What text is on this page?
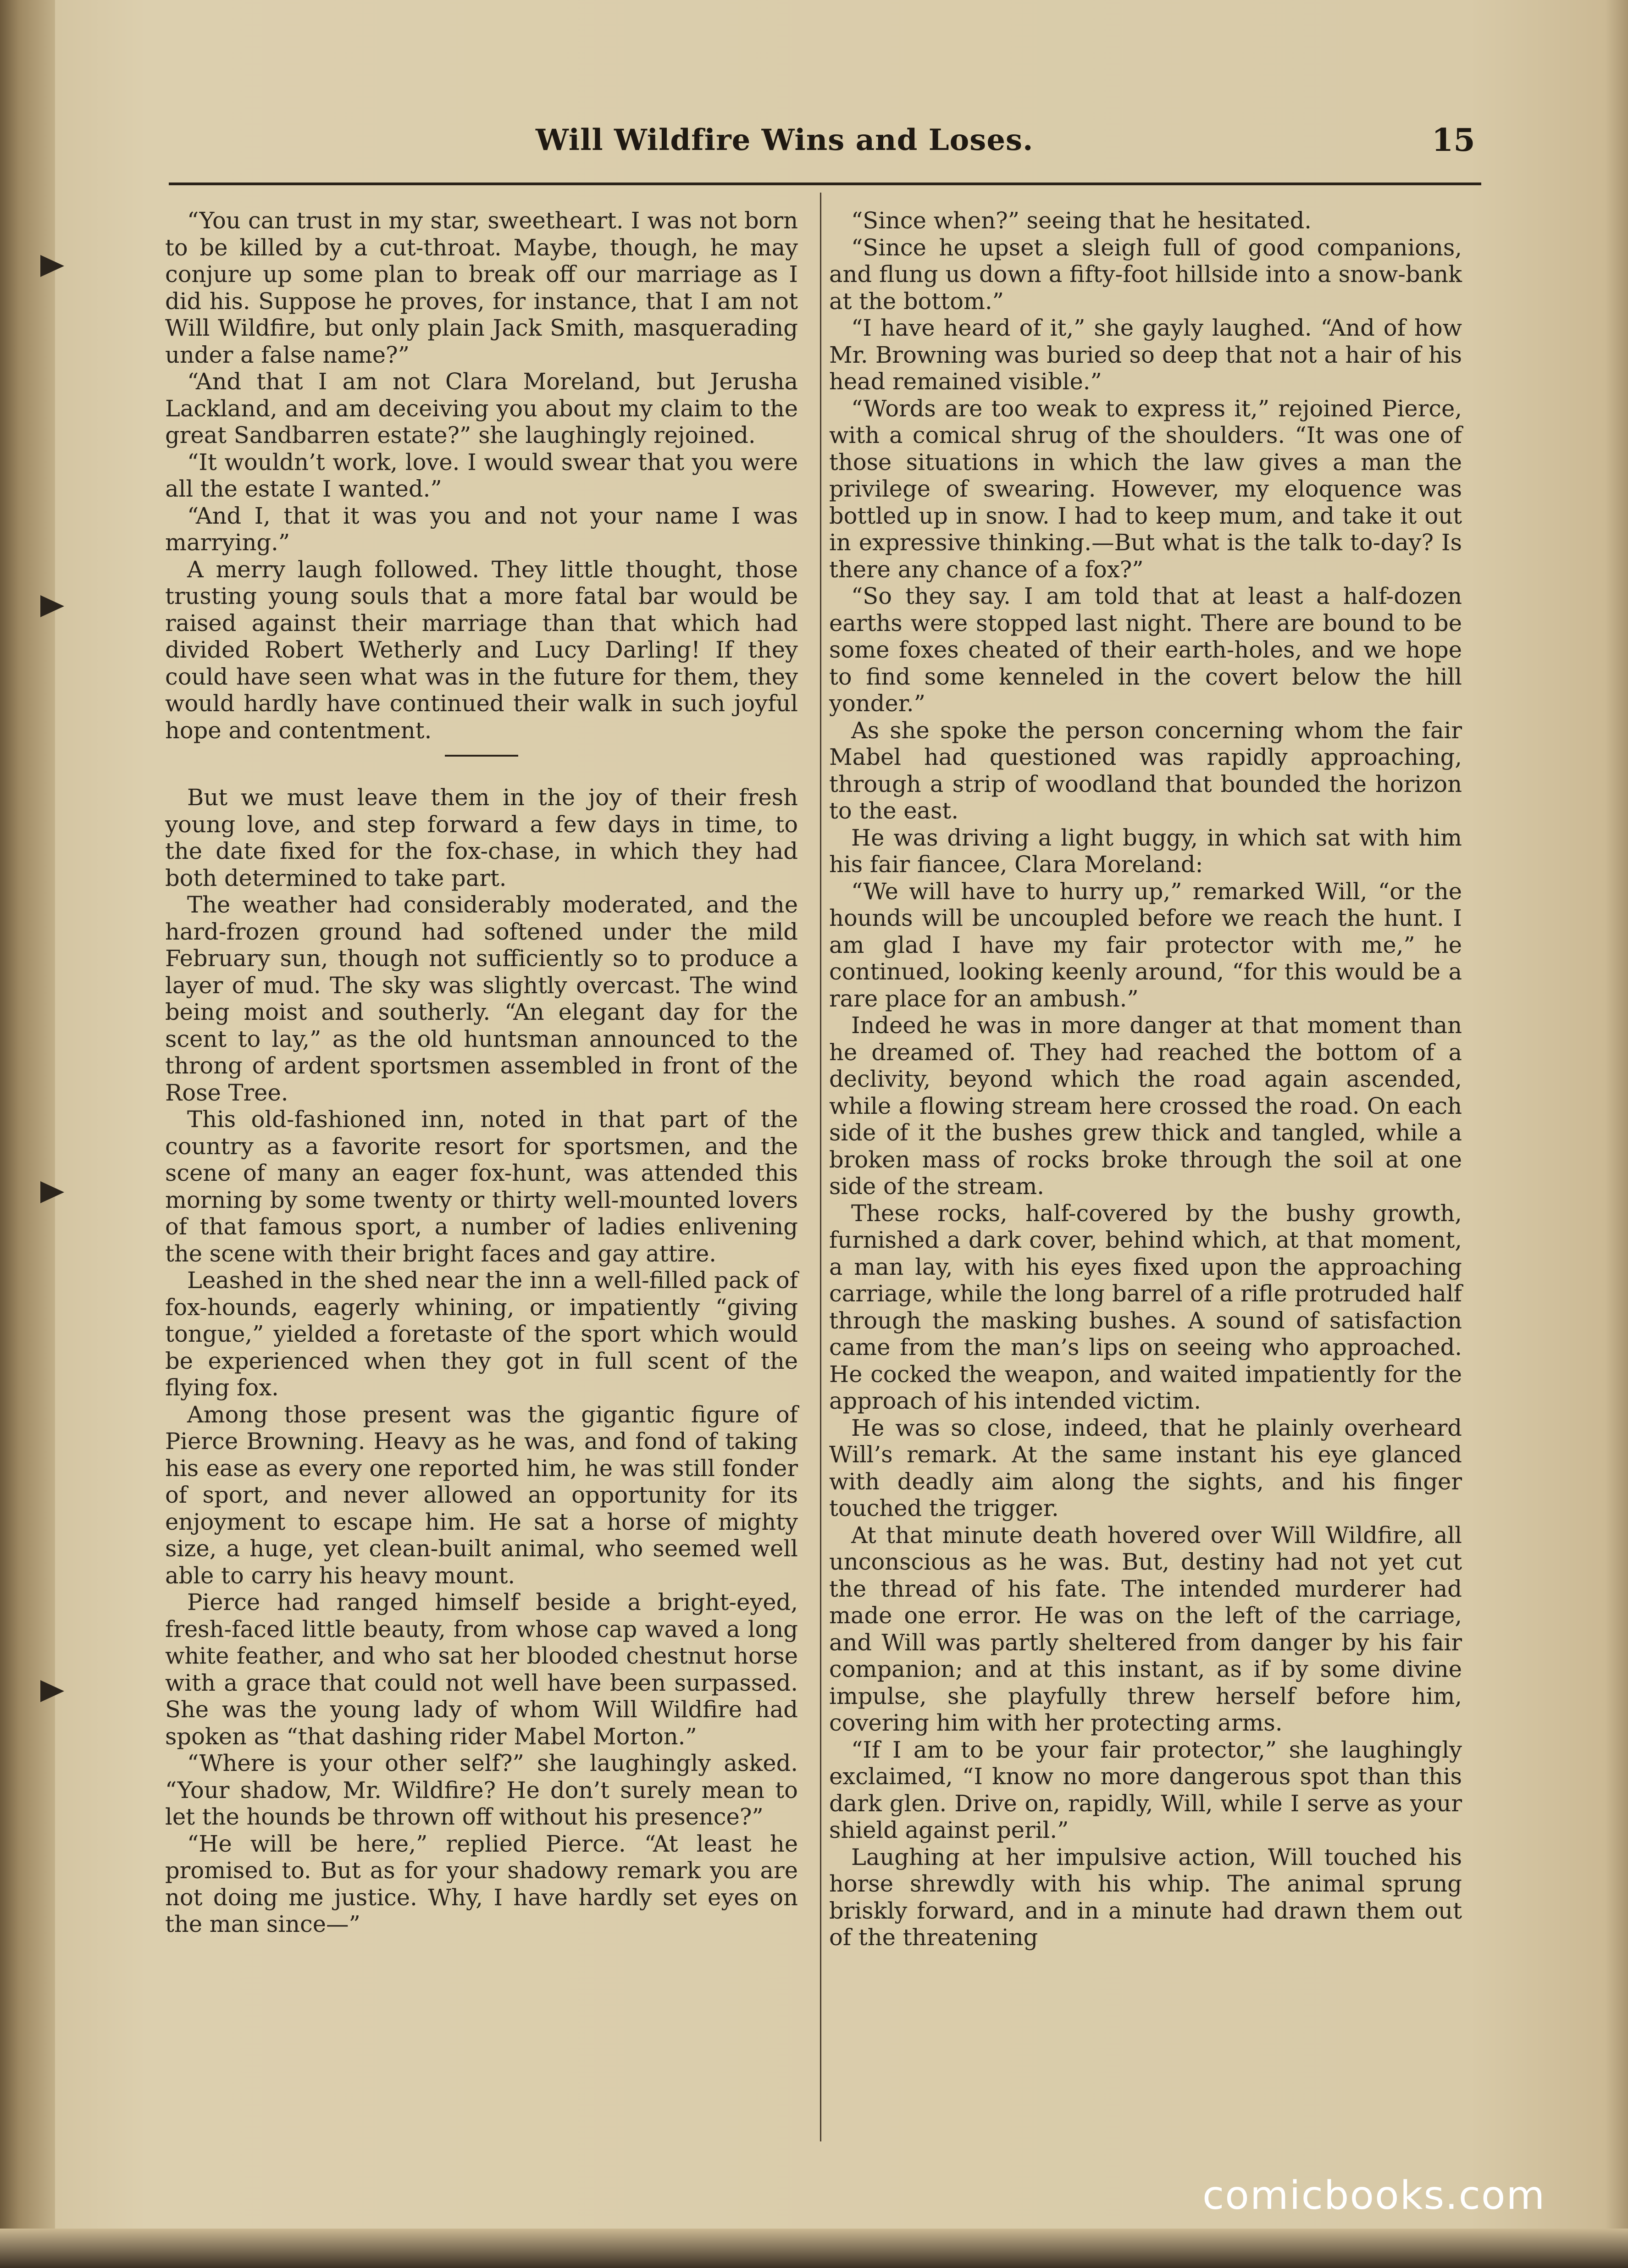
Will Wildfire Wins and Loses.	15

“You can trust in my star, sweetheart. I was not born to be killed by a cut-throat. Maybe, though, he may conjure up some plan to break off our marriage as I did his. Suppose he proves, for instance, that I am not Will Wildfire, but only plain Jack Smith, masquerading under a false name?”

“And that I am not Clara Moreland, but Jerusha Lackland, and am deceiving you about my claim to the great Sandbarren estate?” she laughingly rejoined.

“It wouldn’t work, love. I would swear that you were all the estate I wanted.”

“And I, that it was you and not your name I was marrying.”

A merry laugh followed. They little thought, those trusting young souls that a more fatal bar would be raised against their marriage than that which had divided Robert Wetherly and Lucy Darling! If they could have seen what was in the future for them, they would hardly have continued their walk in such joyful hope and contentment.

But we must leave them in the joy of their fresh young love, and step forward a few days in time, to the date fixed for the fox-chase, in which they had both determined to take part.

The weather had considerably moderated, and the hard-frozen ground had softened under the mild February sun, though not sufficiently so to produce a layer of mud. The sky was slightly overcast. The wind being moist and southerly. “An elegant day for the scent to lay,” as the old huntsman announced to the throng of ardent sportsmen assembled in front of the Rose Tree.

This old-fashioned inn, noted in that part of the country as a favorite resort for sportsmen, and the scene of many an eager fox-hunt, was attended this morning by some twenty or thirty well-mounted lovers of that famous sport, a number of ladies enlivening the scene with their bright faces and gay attire.

Leashed in the shed near the inn a well-filled pack of fox-hounds, eagerly whining, or impatiently “giving tongue,” yielded a foretaste of the sport which would be experienced when they got in full scent of the flying fox.

Among those present was the gigantic figure of Pierce Browning. Heavy as he was, and fond of taking his ease as every one reported him, he was still fonder of sport, and never allowed an opportunity for its enjoyment to escape him. He sat a horse of mighty size, a huge, yet clean-built animal, who seemed well able to carry his heavy mount.

Pierce had ranged himself beside a bright-eyed, fresh-faced little beauty, from whose cap waved a long white feather, and who sat her blooded chestnut horse with a grace that could not well have been surpassed. She was the young lady of whom Will Wildfire had spoken as “that dashing rider Mabel Morton.”

“Where is your other self?” she laughingly asked. “Your shadow, Mr. Wildfire? He don’t surely mean to let the hounds be thrown off without his presence?”

“He will be here,” replied Pierce. “At least he promised to. But as for your shadowy remark you are not doing me justice. Why, I have hardly set eyes on the man since—”

“Since when?” seeing that he hesitated.

“Since he upset a sleigh full of good companions, and flung us down a fifty-foot hillside into a snow-bank at the bottom.”

“I have heard of it,” she gayly laughed. “And of how Mr. Browning was buried so deep that not a hair of his head remained visible.”

“Words are too weak to express it,” rejoined Pierce, with a comical shrug of the shoulders. “It was one of those situations in which the law gives a man the privilege of swearing. However, my eloquence was bottled up in snow. I had to keep mum, and take it out in expressive thinking.—But what is the talk to-day? Is there any chance of a fox?”

“So they say. I am told that at least a half-dozen earths were stopped last night. There are bound to be some foxes cheated of their earth-holes, and we hope to find some kenneled in the covert below the hill yonder.”

As she spoke the person concerning whom the fair Mabel had questioned was rapidly approaching, through a strip of woodland that bounded the horizon to the east.

He was driving a light buggy, in which sat with him his fair fiancee, Clara Moreland:

“We will have to hurry up,” remarked Will, “or the hounds will be uncoupled before we reach the hunt. I am glad I have my fair protector with me,” he continued, looking keenly around, “for this would be a rare place for an ambush.”

Indeed he was in more danger at that moment than he dreamed of. They had reached the bottom of a declivity, beyond which the road again ascended, while a flowing stream here crossed the road. On each side of it the bushes grew thick and tangled, while a broken mass of rocks broke through the soil at one side of the stream.

These rocks, half-covered by the bushy growth, furnished a dark cover, behind which, at that moment, a man lay, with his eyes fixed upon the approaching carriage, while the long barrel of a rifle protruded half through the masking bushes. A sound of satisfaction came from the man’s lips on seeing who approached. He cocked the weapon, and waited impatiently for the approach of his intended victim.

He was so close, indeed, that he plainly overheard Will’s remark. At the same instant his eye glanced with deadly aim along the sights, and his finger touched the trigger.

At that minute death hovered over Will Wildfire, all unconscious as he was. But, destiny had not yet cut the thread of his fate. The intended murderer had made one error. He was on the left of the carriage, and Will was partly sheltered from danger by his fair companion; and at this instant, as if by some divine impulse, she playfully threw herself before him, covering him with her protecting arms.

“If I am to be your fair protector,” she laughingly exclaimed, “I know no more dangerous spot than this dark glen. Drive on, rapidly, Will, while I serve as your shield against peril.”

Laughing at her impulsive action, Will touched his horse shrewdly with his whip. The animal sprung briskly forward, and in a minute had drawn them out of the threatening

comicbooks.com
